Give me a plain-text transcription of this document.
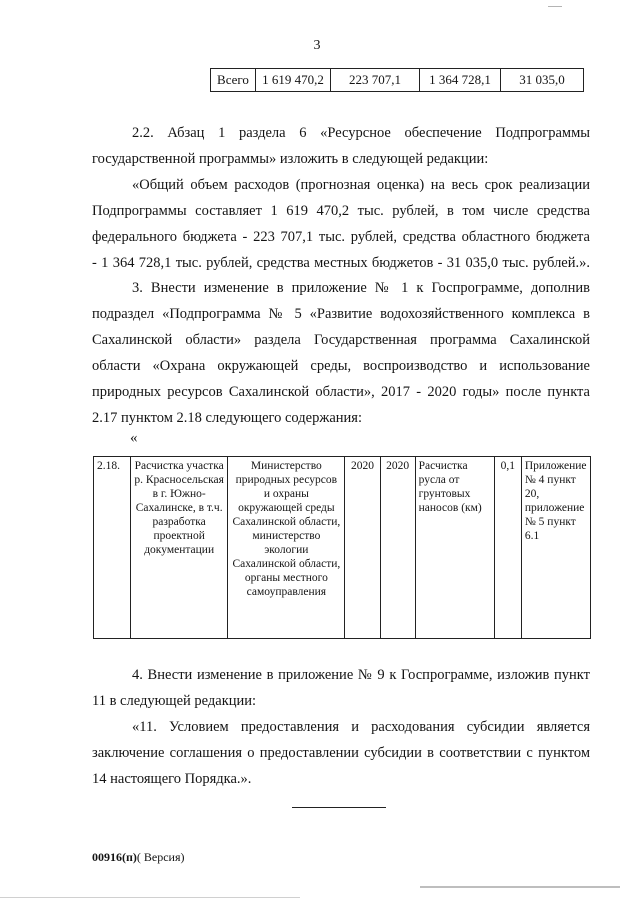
3
Всего	1 619 470,2	223 707,1	1 364 728,1	31 035,0
2.2. Абзац 1 раздела 6 «Ресурсное обеспечение Подпрограммы
государственной программы» изложить в следующей редакции:
«Общий объем расходов (прогнозная оценка) на весь срок реализации
Подпрограммы составляет 1 619 470,2 тыс. рублей, в том числе средства
федерального бюджета - 223 707,1 тыс. рублей, средства областного бюджета
- 1 364 728,1 тыс. рублей, средства местных бюджетов - 31 035,0 тыс. рублей.».
3. Внести изменение в приложение № 1 к Госпрограмме, дополнив
подраздел «Подпрограмма № 5 «Развитие водохозяйственного комплекса в
Сахалинской области» раздела Государственная программа Сахалинской
области «Охрана окружающей среды, воспроизводство и использование
природных ресурсов Сахалинской области», 2017 - 2020 годы» после пункта
2.17 пунктом 2.18 следующего содержания:
«
2.18.	Расчистка участка р. Красносельская в г. Южно-Сахалинске, в т.ч. разработка проектной документации	Министерство природных ресурсов и охраны окружающей среды Сахалинской области, министерство экологии Сахалинской области, органы местного самоуправления	2020	2020	Расчистка русла от грунтовых наносов (км)	0,1	Приложение № 4 пункт 20, приложение № 5 пункт 6.1
4. Внести изменение в приложение № 9 к Госпрограмме, изложив пункт
11 в следующей редакции:
«11. Условием предоставления и расходования субсидии является
заключение соглашения о предоставлении субсидии в соответствии с пунктом
14 настоящего Порядка.».
00916(п)( Версия)
